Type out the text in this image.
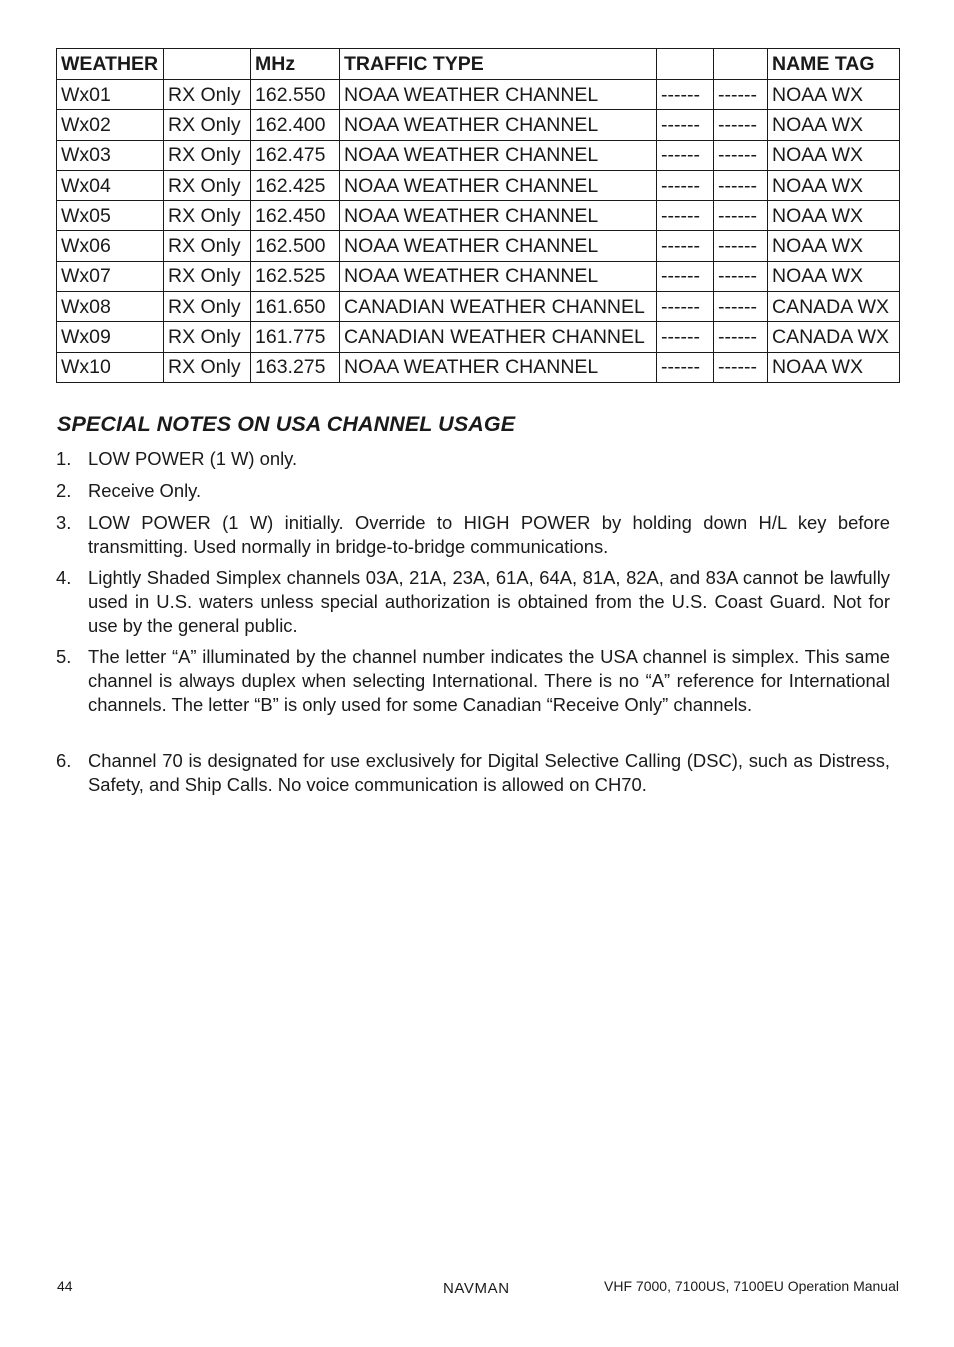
WEATHER		MHz	TRAFFIC TYPE			NAME TAG
Wx01	RX Only	162.550	NOAA WEATHER CHANNEL	------	------	NOAA WX
Wx02	RX Only	162.400	NOAA WEATHER CHANNEL	------	------	NOAA WX
Wx03	RX Only	162.475	NOAA WEATHER CHANNEL	------	------	NOAA WX
Wx04	RX Only	162.425	NOAA WEATHER CHANNEL	------	------	NOAA WX
Wx05	RX Only	162.450	NOAA WEATHER CHANNEL	------	------	NOAA WX
Wx06	RX Only	162.500	NOAA WEATHER CHANNEL	------	------	NOAA WX
Wx07	RX Only	162.525	NOAA WEATHER CHANNEL	------	------	NOAA WX
Wx08	RX Only	161.650	CANADIAN WEATHER CHANNEL	------	------	CANADA WX
Wx09	RX Only	161.775	CANADIAN WEATHER CHANNEL	------	------	CANADA WX
Wx10	RX Only	163.275	NOAA WEATHER CHANNEL	------	------	NOAA WX
SPECIAL NOTES ON USA CHANNEL USAGE
1. LOW POWER (1 W) only.
2. Receive Only.
3. LOW POWER (1 W) initially. Override to HIGH POWER by holding down H/L key before transmitting. Used normally in bridge-to-bridge communications.
4. Lightly Shaded Simplex channels 03A, 21A, 23A, 61A, 64A, 81A, 82A, and 83A cannot be lawfully used in U.S. waters unless special authorization is obtained from the U.S. Coast Guard. Not for use by the general public.
5. The letter “A” illuminated by the channel number indicates the USA channel is simplex. This same channel is always duplex when selecting International. There is no “A” reference for International channels. The letter “B” is only used for some Canadian “Receive Only” channels.
6. Channel 70 is designated for use exclusively for Digital Selective Calling (DSC), such as Distress, Safety, and Ship Calls. No voice communication is allowed on CH70.
44	NAVMAN	VHF 7000, 7100US, 7100EU Operation Manual
